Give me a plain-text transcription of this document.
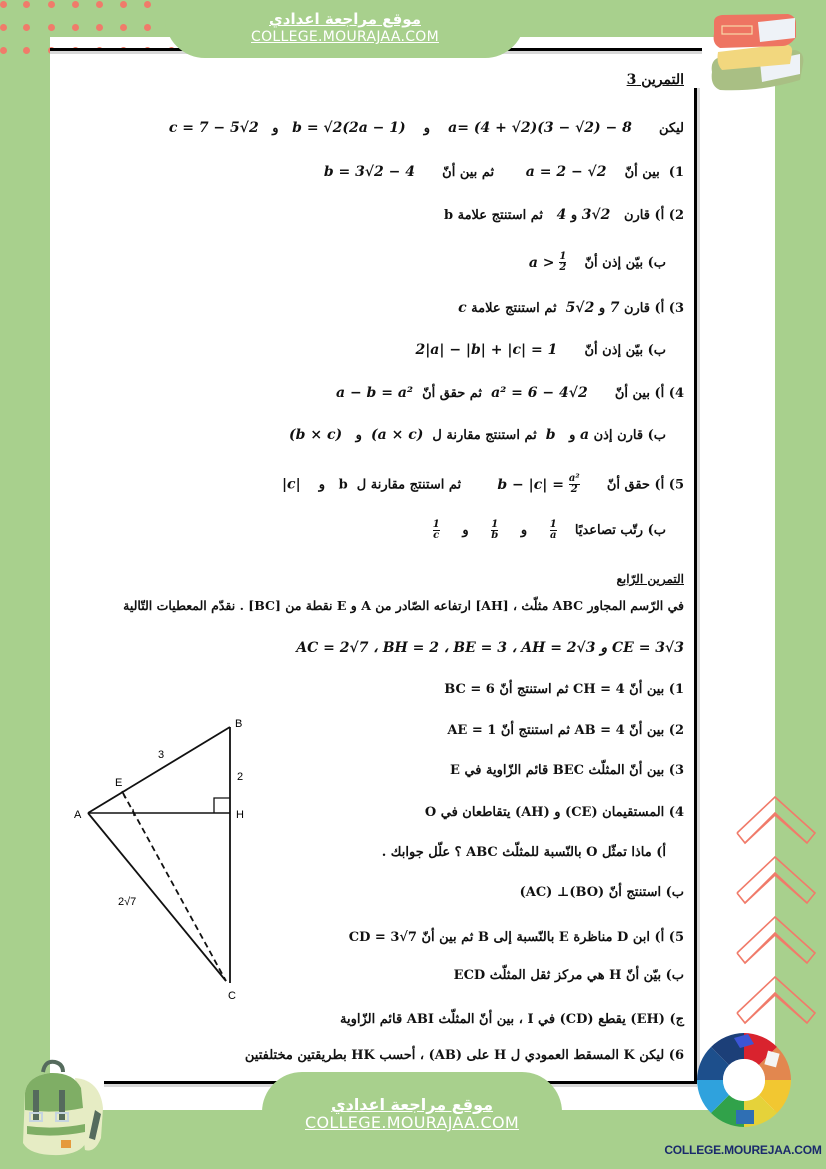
موقع مراجعة اعدادي
COLLEGE.MOURAJAA.COM
التمرين 3
ليكن      a= (4 + √2)(3 − √2) − 8    و    b = √2(2a − 1)   و   c = 7 − 5√2
1)  بين أنّ    a = 2 − √2       ثم بين أنّ      b = 3√2 − 4
2) أ) قارن   3√2 و 4   ثم استنتج علامة b
ب) بيّن إذن أنّ    $a > \frac{1}{2}$
3) أ) قارن 7 و 5√2  ثم استنتج علامة c
ب) بيّن إذن أنّ      2|a| − |b| + |c| = 1
4) أ) بين أنّ      a² = 6 − 4√2  ثم حقق أنّ  a − b = a²
ب) قارن إذن a و   b  ثم استنتج مقارنة ل  (a × c)  و   (b × c)
5) أ) حقق أنّ      $b - |c| = \frac{\text{a²}}{2}$
ثم استنتج مقارنة ل  b   و    |c|
ب) رتّب تصاعديًا
$\frac{1}{a}$
و
$\frac{1}{b}$
و
$\frac{1}{c}$
التمرين الرّابع
في الرّسم المجاور ABC مثلّث ، [AH] ارتفاعه الصّادر من A و E نقطة من [BC] . نقدّم المعطيات التّالية
AC = 2√7 ، BH = 2 ، BE = 3 ، AH = 2√3 و CE = 3√3
1) بين أنّ CH = 4 ثم استنتج أنّ BC = 6
2) بين أنّ AB = 4 ثم استنتج أنّ AE = 1
3) بين أنّ المثلّث BEC قائم الزّاوية في E
4) المستقيمان (CE) و (AH) يتقاطعان في O
أ) ماذا تمثّل O بالنّسبة للمثلّث ABC ؟ علّل جوابك .
ب) استنتج أنّ (BO)⊥ (AC)
5) أ) ابن D مناظرة E بالنّسبة إلى B ثم بين أنّ CD = 3√7
ب) بيّن أنّ H هي مركز ثقل المثلّث ECD
ج) (EH) يقطع (CD) في I ، بين أنّ المثلّث ABI قائم الزّاوية
6) ليكن K المسقط العمودي ل H على (AB) ، أحسب HK بطريقتين مختلفتين
A
B
C
E
H
3
2
2√7
موقع مراجعة اعدادي
COLLEGE.MOURAJAA.COM
COLLEGE.MOUREJAA.COM
